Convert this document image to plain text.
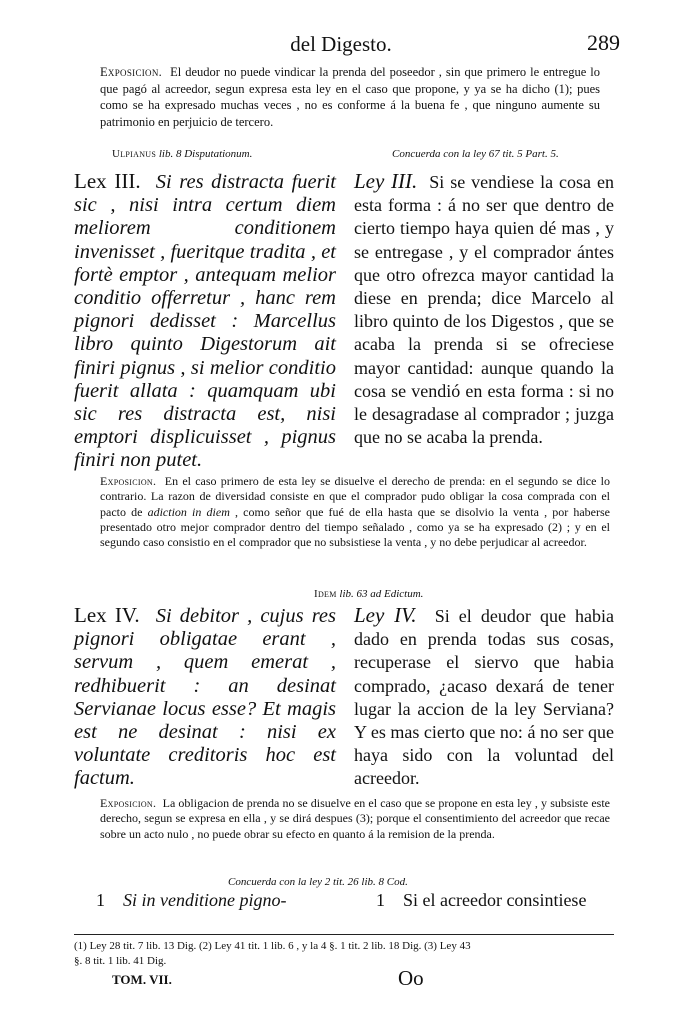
del Digesto.	289
Exposicion. El deudor no puede vindicar la prenda del poseedor , sin que primero le entregue lo que pagó al acreedor, segun expresa esta ley en el caso que propone, y ya se ha dicho (1); pues como se ha expresado muchas veces , no es conforme á la buena fe , que ninguno aumente su patrimonio en perjuicio de tercero.
Ulpianus lib. 8 Disputationum.	Concuerda con la ley 67 tit. 5 Part. 5.
Lex III. Si res distracta fuerit sic , nisi intra certum diem meliorem conditionem invenisset , fueritque tradita , et fortè emptor , antequam melior conditio offerretur , hanc rem pignori dedisset : Marcellus libro quinto Digestorum ait finiri pignus , si melior conditio fuerit allata : quamquam ubi sic res distracta est, nisi emptori displicuisset , pignus finiri non putet.
Ley III. Si se vendiese la cosa en esta forma : á no ser que dentro de cierto tiempo haya quien dé mas , y se entregase , y el comprador ántes que otro ofrezca mayor cantidad la diese en prenda; dice Marcelo al libro quinto de los Digestos , que se acaba la prenda si se ofreciese mayor cantidad: aunque quando la cosa se vendió en esta forma : si no le desagradase al comprador ; juzga que no se acaba la prenda.
Exposicion. En el caso primero de esta ley se disuelve el derecho de prenda: en el segundo se dice lo contrario. La razon de diversidad consiste en que el comprador pudo obligar la cosa comprada con el pacto de adiction in diem , como señor que fué de ella hasta que se disolvio la venta , por haberse presentado otro mejor comprador dentro del tiempo señalado , como ya se ha expresado (2) ; y en el segundo caso consistio en el comprador que no subsistiese la venta , y no debe perjudicar al acreedor.
Idem lib. 63 ad Edictum.
Lex IV. Si debitor , cujus res pignori obligatae erant , servum , quem emerat , redhibuerit : an desinat Servianae locus esse? Et magis est ne desinat : nisi ex voluntate creditoris hoc est factum.
Ley IV. Si el deudor que habia dado en prenda todas sus cosas, recuperase el siervo que habia comprado, ¿acaso dexará de tener lugar la accion de la ley Serviana? Y es mas cierto que no: á no ser que haya sido con la voluntad del acreedor.
Exposicion. La obligacion de prenda no se disuelve en el caso que se propone en esta ley , y subsiste este derecho, segun se expresa en ella , y se dirá despues (3); porque el consentimiento del acreedor que recae sobre un acto nulo , no puede obrar su efecto en quanto á la remision de la prenda.
Concuerda con la ley 2 tit. 26 lib. 8 Cod.
1 Si in venditione pigno-	1 Si el acreedor consintiese
(1) Ley 28 tit. 7 lib. 13 Dig. (2) Ley 41 tit. 1 lib. 6 , y la 4 §. 1 tit. 2 lib. 18 Dig. (3) Ley 43
§. 8 tit. 1 lib. 41 Dig.
TOM. VII.	Oo
